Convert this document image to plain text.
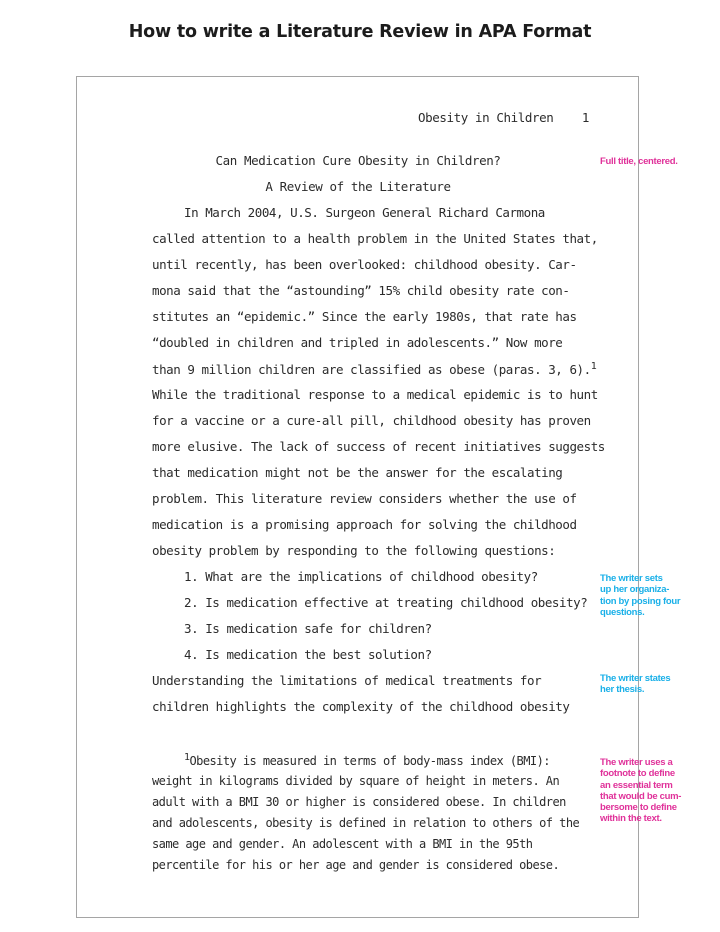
How to write a Literature Review in APA Format
Obesity in Children 1
Can Medication Cure Obesity in Children?
A Review of the Literature
In March 2004, U.S. Surgeon General Richard Carmona
called attention to a health problem in the United States that,
until recently, has been overlooked: childhood obesity. Car-
mona said that the “astounding” 15% child obesity rate con-
stitutes an “epidemic.” Since the early 1980s, that rate has
“doubled in children and tripled in adolescents.” Now more
than 9 million children are classified as obese (paras. 3, 6).$^1$
While the traditional response to a medical epidemic is to hunt
for a vaccine or a cure-all pill, childhood obesity has proven
more elusive. The lack of success of recent initiatives suggests
that medication might not be the answer for the escalating
problem. This literature review considers whether the use of
medication is a promising approach for solving the childhood
obesity problem by responding to the following questions:
1. What are the implications of childhood obesity?
2. Is medication effective at treating childhood obesity?
3. Is medication safe for children?
4. Is medication the best solution?
Understanding the limitations of medical treatments for
children highlights the complexity of the childhood obesity
$^1$Obesity is measured in terms of body-mass index (BMI):
weight in kilograms divided by square of height in meters. An
adult with a BMI 30 or higher is considered obese. In children
and adolescents, obesity is defined in relation to others of the
same age and gender. An adolescent with a BMI in the 95th
percentile for his or her age and gender is considered obese.
Full title, centered.
The writer sets
up her organiza-
tion by posing four
questions.
The writer states
her thesis.
The writer uses a
footnote to define
an essential term
that would be cum-
bersome to define
within the text.
